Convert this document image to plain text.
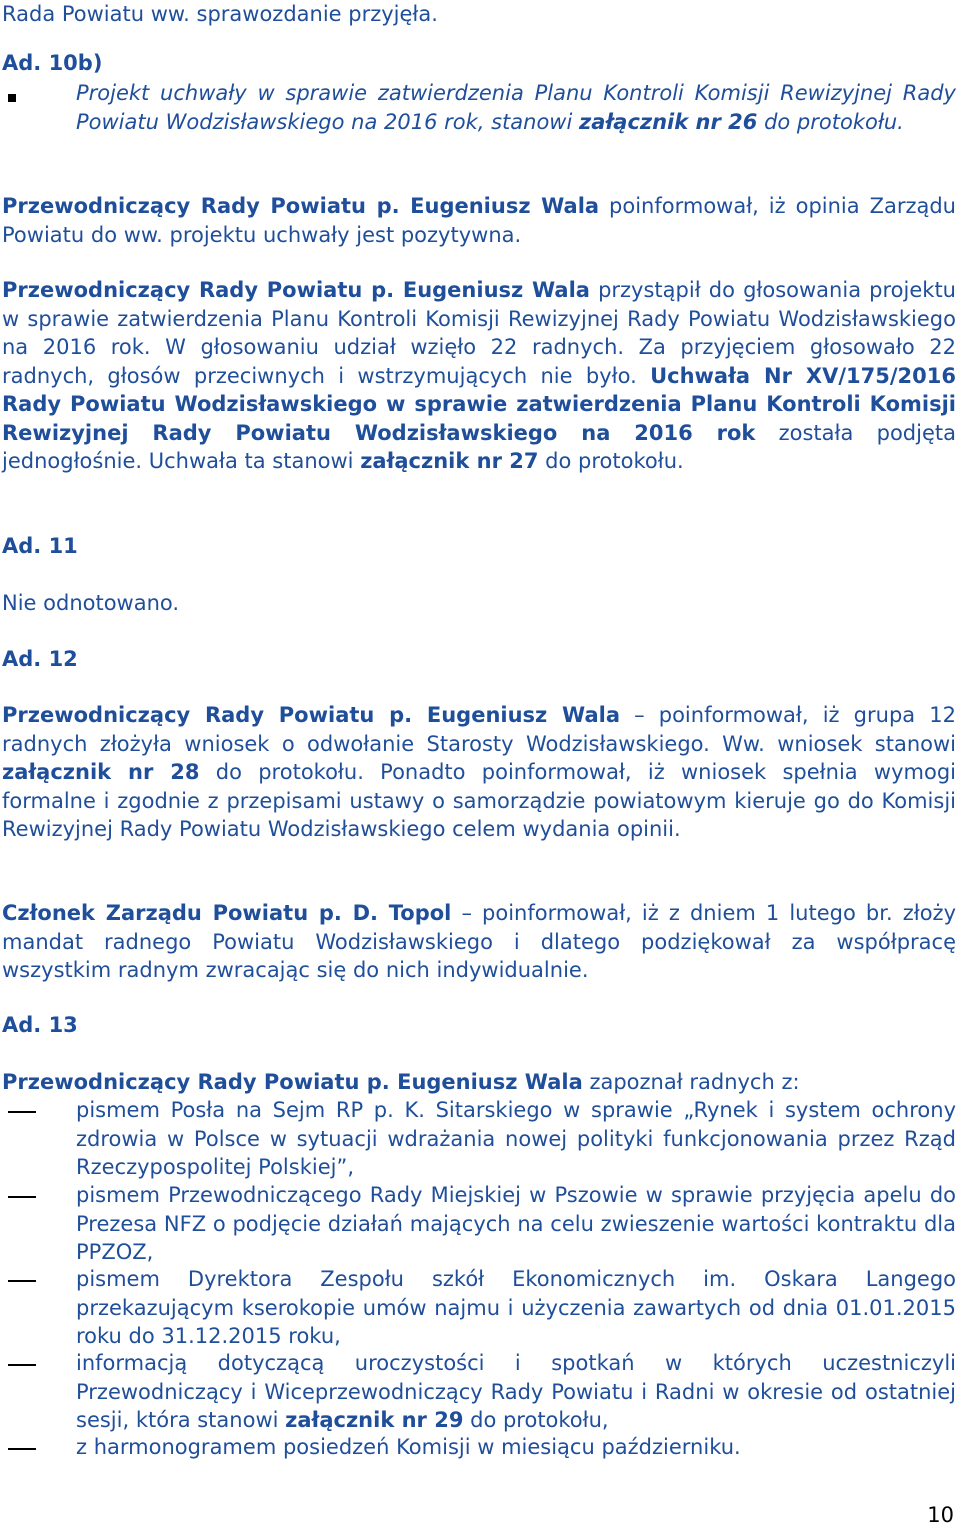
Rada Powiatu ww. sprawozdanie przyjęła.

Ad. 10b)

Projekt uchwały w sprawie zatwierdzenia Planu Kontroli Komisji Rewizyjnej Rady Powiatu Wodzisławskiego na 2016 rok, stanowi załącznik nr 26 do protokołu.

Przewodniczący Rady Powiatu p. Eugeniusz Wala poinformował, iż opinia Zarządu Powiatu do ww. projektu uchwały jest pozytywna.

Przewodniczący Rady Powiatu p. Eugeniusz Wala przystąpił do głosowania projektu w sprawie zatwierdzenia Planu Kontroli Komisji Rewizyjnej Rady Powiatu Wodzisławskiego na 2016 rok. W głosowaniu udział wzięło 22 radnych. Za przyjęciem głosowało 22 radnych, głosów przeciwnych i wstrzymujących nie było. Uchwała Nr XV/175/2016 Rady Powiatu Wodzisławskiego w sprawie zatwierdzenia Planu Kontroli Komisji Rewizyjnej Rady Powiatu Wodzisławskiego na 2016 rok została podjęta jednogłośnie. Uchwała ta stanowi załącznik nr 27 do protokołu.

Ad. 11

Nie odnotowano.

Ad. 12

Przewodniczący Rady Powiatu p. Eugeniusz Wala – poinformował, iż grupa 12 radnych złożyła wniosek o odwołanie Starosty Wodzisławskiego. Ww. wniosek stanowi załącznik nr 28 do protokołu. Ponadto poinformował, iż wniosek spełnia wymogi formalne i zgodnie z przepisami ustawy o samorządzie powiatowym kieruje go do Komisji Rewizyjnej Rady Powiatu Wodzisławskiego celem wydania opinii.

Członek Zarządu Powiatu p. D. Topol – poinformował, iż z dniem 1 lutego br. złoży mandat radnego Powiatu Wodzisławskiego i dlatego podziękował za współpracę wszystkim radnym zwracając się do nich indywidualnie.

Ad. 13

Przewodniczący Rady Powiatu p. Eugeniusz Wala zapoznał radnych z:

pismem Posła na Sejm RP p. K. Sitarskiego w sprawie „Rynek i system ochrony zdrowia w Polsce w sytuacji wdrażania nowej polityki funkcjonowania przez Rząd Rzeczypospolitej Polskiej”,

pismem Przewodniczącego Rady Miejskiej w Pszowie w sprawie przyjęcia apelu do Prezesa NFZ o podjęcie działań mających na celu zwieszenie wartości kontraktu dla PPZOZ,

pismem Dyrektora Zespołu szkół Ekonomicznych im. Oskara Langego przekazującym kserokopie umów najmu i użyczenia zawartych od dnia 01.01.2015 roku do 31.12.2015 roku,

informacją dotyczącą uroczystości i spotkań w których uczestniczyli Przewodniczący i Wiceprzewodniczący Rady Powiatu i Radni w okresie od ostatniej sesji, która stanowi załącznik nr 29 do protokołu,

z harmonogramem posiedzeń Komisji w miesiącu październiku.

10
